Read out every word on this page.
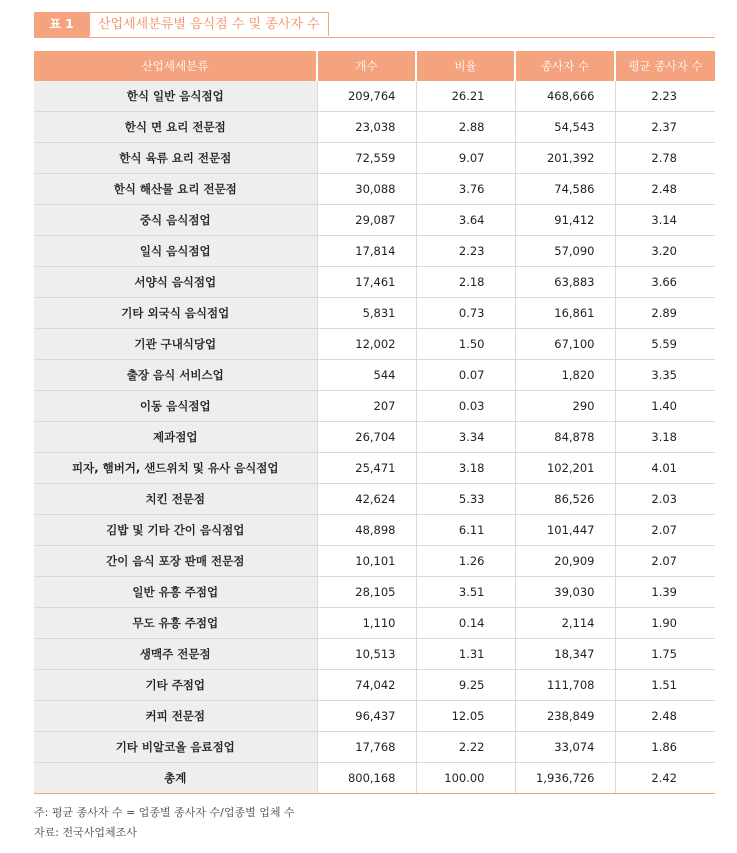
표 1	산업세세분류별 음식점 수 및 종사자 수
산업세세분류	개수	비율	종사자 수	평균 종사자 수
한식 일반 음식점업	209,764	26.21	468,666	2.23
한식 면 요리 전문점	23,038	2.88	54,543	2.37
한식 육류 요리 전문점	72,559	9.07	201,392	2.78
한식 해산물 요리 전문점	30,088	3.76	74,586	2.48
중식 음식점업	29,087	3.64	91,412	3.14
일식 음식점업	17,814	2.23	57,090	3.20
서양식 음식점업	17,461	2.18	63,883	3.66
기타 외국식 음식점업	5,831	0.73	16,861	2.89
기관 구내식당업	12,002	1.50	67,100	5.59
출장 음식 서비스업	544	0.07	1,820	3.35
이동 음식점업	207	0.03	290	1.40
제과점업	26,704	3.34	84,878	3.18
피자, 햄버거, 샌드위치 및 유사 음식점업	25,471	3.18	102,201	4.01
치킨 전문점	42,624	5.33	86,526	2.03
김밥 및 기타 간이 음식점업	48,898	6.11	101,447	2.07
간이 음식 포장 판매 전문점	10,101	1.26	20,909	2.07
일반 유흥 주점업	28,105	3.51	39,030	1.39
무도 유흥 주점업	1,110	0.14	2,114	1.90
생맥주 전문점	10,513	1.31	18,347	1.75
기타 주점업	74,042	9.25	111,708	1.51
커피 전문점	96,437	12.05	238,849	2.48
기타 비알코올 음료점업	17,768	2.22	33,074	1.86
총계	800,168	100.00	1,936,726	2.42
주: 평균 종사자 수 = 업종별 종사자 수/업종별 업체 수
자료: 전국사업체조사
